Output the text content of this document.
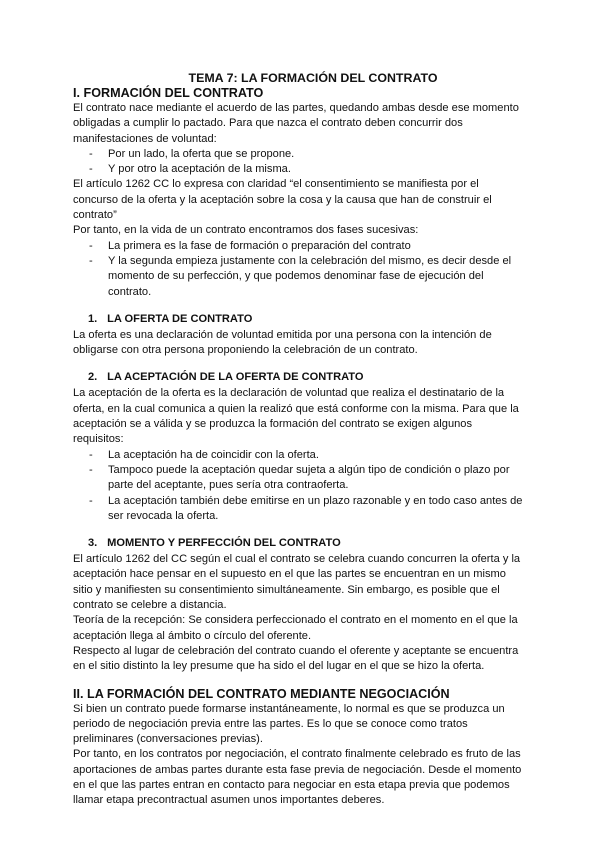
TEMA 7: LA FORMACIÓN DEL CONTRATO

I. FORMACIÓN DEL CONTRATO

El contrato nace mediante el acuerdo de las partes, quedando ambas desde ese momento obligadas a cumplir lo pactado. Para que nazca el contrato deben concurrir dos manifestaciones de voluntad:

- Por un lado, la oferta que se propone.
- Y por otro la aceptación de la misma.

El artículo 1262 CC lo expresa con claridad “el consentimiento se manifiesta por el concurso de la oferta y la aceptación sobre la cosa y la causa que han de construir el contrato”

Por tanto, en la vida de un contrato encontramos dos fases sucesivas:

- La primera es la fase de formación o preparación del contrato
- Y la segunda empieza justamente con la celebración del mismo, es decir desde el momento de su perfección, y que podemos denominar fase de ejecución del contrato.

1. LA OFERTA DE CONTRATO

La oferta es una declaración de voluntad emitida por una persona con la intención de obligarse con otra persona proponiendo la celebración de un contrato.

2. LA ACEPTACIÓN DE LA OFERTA DE CONTRATO

La aceptación de la oferta es la declaración de voluntad que realiza el destinatario de la oferta, en la cual comunica a quien la realizó que está conforme con la misma. Para que la aceptación se a válida y se produzca la formación del contrato se exigen algunos requisitos:

- La aceptación ha de coincidir con la oferta.
- Tampoco puede la aceptación quedar sujeta a algún tipo de condición o plazo por parte del aceptante, pues sería otra contraoferta.
- La aceptación también debe emitirse en un plazo razonable y en todo caso antes de ser revocada la oferta.

3. MOMENTO Y PERFECCIÓN DEL CONTRATO

El artículo 1262 del CC según el cual el contrato se celebra cuando concurren la oferta y la aceptación hace pensar en el supuesto en el que las partes se encuentran en un mismo sitio y manifiesten su consentimiento simultáneamente. Sin embargo, es posible que el contrato se celebre a distancia.

Teoría de la recepción: Se considera perfeccionado el contrato en el momento en el que la aceptación llega al ámbito o círculo del oferente.

Respecto al lugar de celebración del contrato cuando el oferente y aceptante se encuentra en el sitio distinto la ley presume que ha sido el del lugar en el que se hizo la oferta.

II. LA FORMACIÓN DEL CONTRATO MEDIANTE NEGOCIACIÓN

Si bien un contrato puede formarse instantáneamente, lo normal es que se produzca un periodo de negociación previa entre las partes. Es lo que se conoce como tratos preliminares (conversaciones previas).

Por tanto, en los contratos por negociación, el contrato finalmente celebrado es fruto de las aportaciones de ambas partes durante esta fase previa de negociación. Desde el momento en el que las partes entran en contacto para negociar en esta etapa previa que podemos llamar etapa precontractual asumen unos importantes deberes.
